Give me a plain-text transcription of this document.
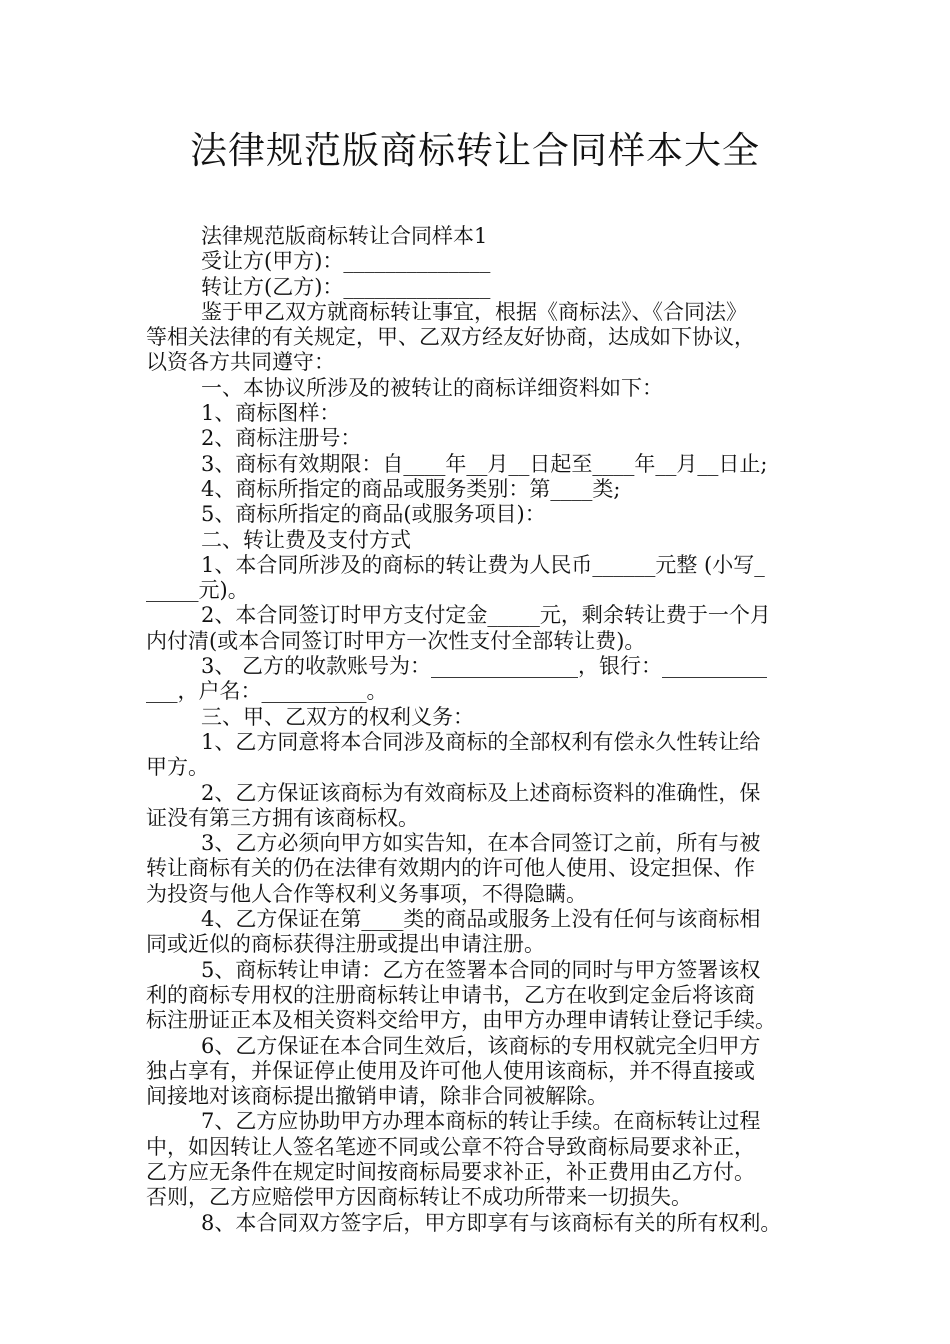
法律规范版商标转让合同样本大全

法律规范版商标转让合同样本1

受让方(甲方)：______________

转让方(乙方)：______________

鉴于甲乙双方就商标转让事宜，根据《商标法》、《合同法》

等相关法律的有关规定，甲、乙双方经友好协商，达成如下协议，

以资各方共同遵守：

一、本协议所涉及的被转让的商标详细资料如下：

1、商标图样：

2、商标注册号：

3、商标有效期限：自____年__月__日起至____年__月__日止;

4、商标所指定的商品或服务类别：第____类;

5、商标所指定的商品(或服务项目)：

二、转让费及支付方式

1、本合同所涉及的商标的转让费为人民币______元整 (小写_

_____元)。

2、本合同签订时甲方支付定金_____元，剩余转让费于一个月

内付清(或本合同签订时甲方一次性支付全部转让费)。

3、 乙方的收款账号为：______________，银行：__________

___，户名：__________。

三、甲、乙双方的权利义务：

1、乙方同意将本合同涉及商标的全部权利有偿永久性转让给

甲方。

2、乙方保证该商标为有效商标及上述商标资料的准确性，保

证没有第三方拥有该商标权。

3、乙方必须向甲方如实告知，在本合同签订之前，所有与被

转让商标有关的仍在法律有效期内的许可他人使用、设定担保、作

为投资与他人合作等权利义务事项，不得隐瞒。

4、乙方保证在第____类的商品或服务上没有任何与该商标相

同或近似的商标获得注册或提出申请注册。

5、商标转让申请：乙方在签署本合同的同时与甲方签署该权

利的商标专用权的注册商标转让申请书，乙方在收到定金后将该商

标注册证正本及相关资料交给甲方，由甲方办理申请转让登记手续。

6、乙方保证在本合同生效后，该商标的专用权就完全归甲方

独占享有，并保证停止使用及许可他人使用该商标，并不得直接或

间接地对该商标提出撤销申请，除非合同被解除。

7、乙方应协助甲方办理本商标的转让手续。在商标转让过程

中，如因转让人签名笔迹不同或公章不符合导致商标局要求补正，

乙方应无条件在规定时间按商标局要求补正，补正费用由乙方付。

否则，乙方应赔偿甲方因商标转让不成功所带来一切损失。

8、本合同双方签字后，甲方即享有与该商标有关的所有权利。
